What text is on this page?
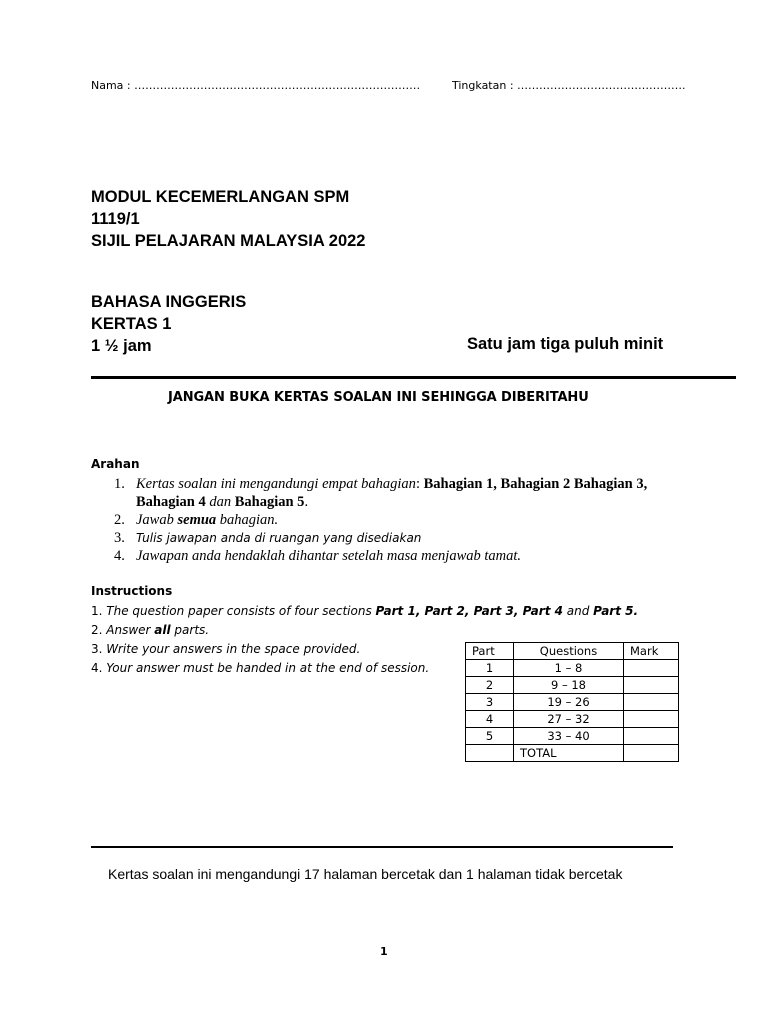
Nama : ……………………………………………………………………	Tingkatan : ……………………………………….
MODUL KECEMERLANGAN SPM
1119/1
SIJIL PELAJARAN MALAYSIA 2022
BAHASA INGGERIS
KERTAS 1
1 ½ jam	Satu jam tiga puluh minit
JANGAN BUKA KERTAS SOALAN INI SEHINGGA DIBERITAHU
Arahan
1. Kertas soalan ini mengandungi empat bahagian: Bahagian 1, Bahagian 2 Bahagian 3,
Bahagian 4 dan Bahagian 5.
2. Jawab semua bahagian.
3. Tulis jawapan anda di ruangan yang disediakan
4. Jawapan anda hendaklah dihantar setelah masa menjawab tamat.
Instructions
1. The question paper consists of four sections Part 1, Part 2, Part 3, Part 4 and Part 5.
2. Answer all parts.
3. Write your answers in the space provided.
4. Your answer must be handed in at the end of session.
Part	Questions	Mark
1	1 – 8	
2	9 – 18	
3	19 – 26	
4	27 – 32	
5	33 – 40	
	TOTAL	
Kertas soalan ini mengandungi 17 halaman bercetak dan 1 halaman tidak bercetak
1
